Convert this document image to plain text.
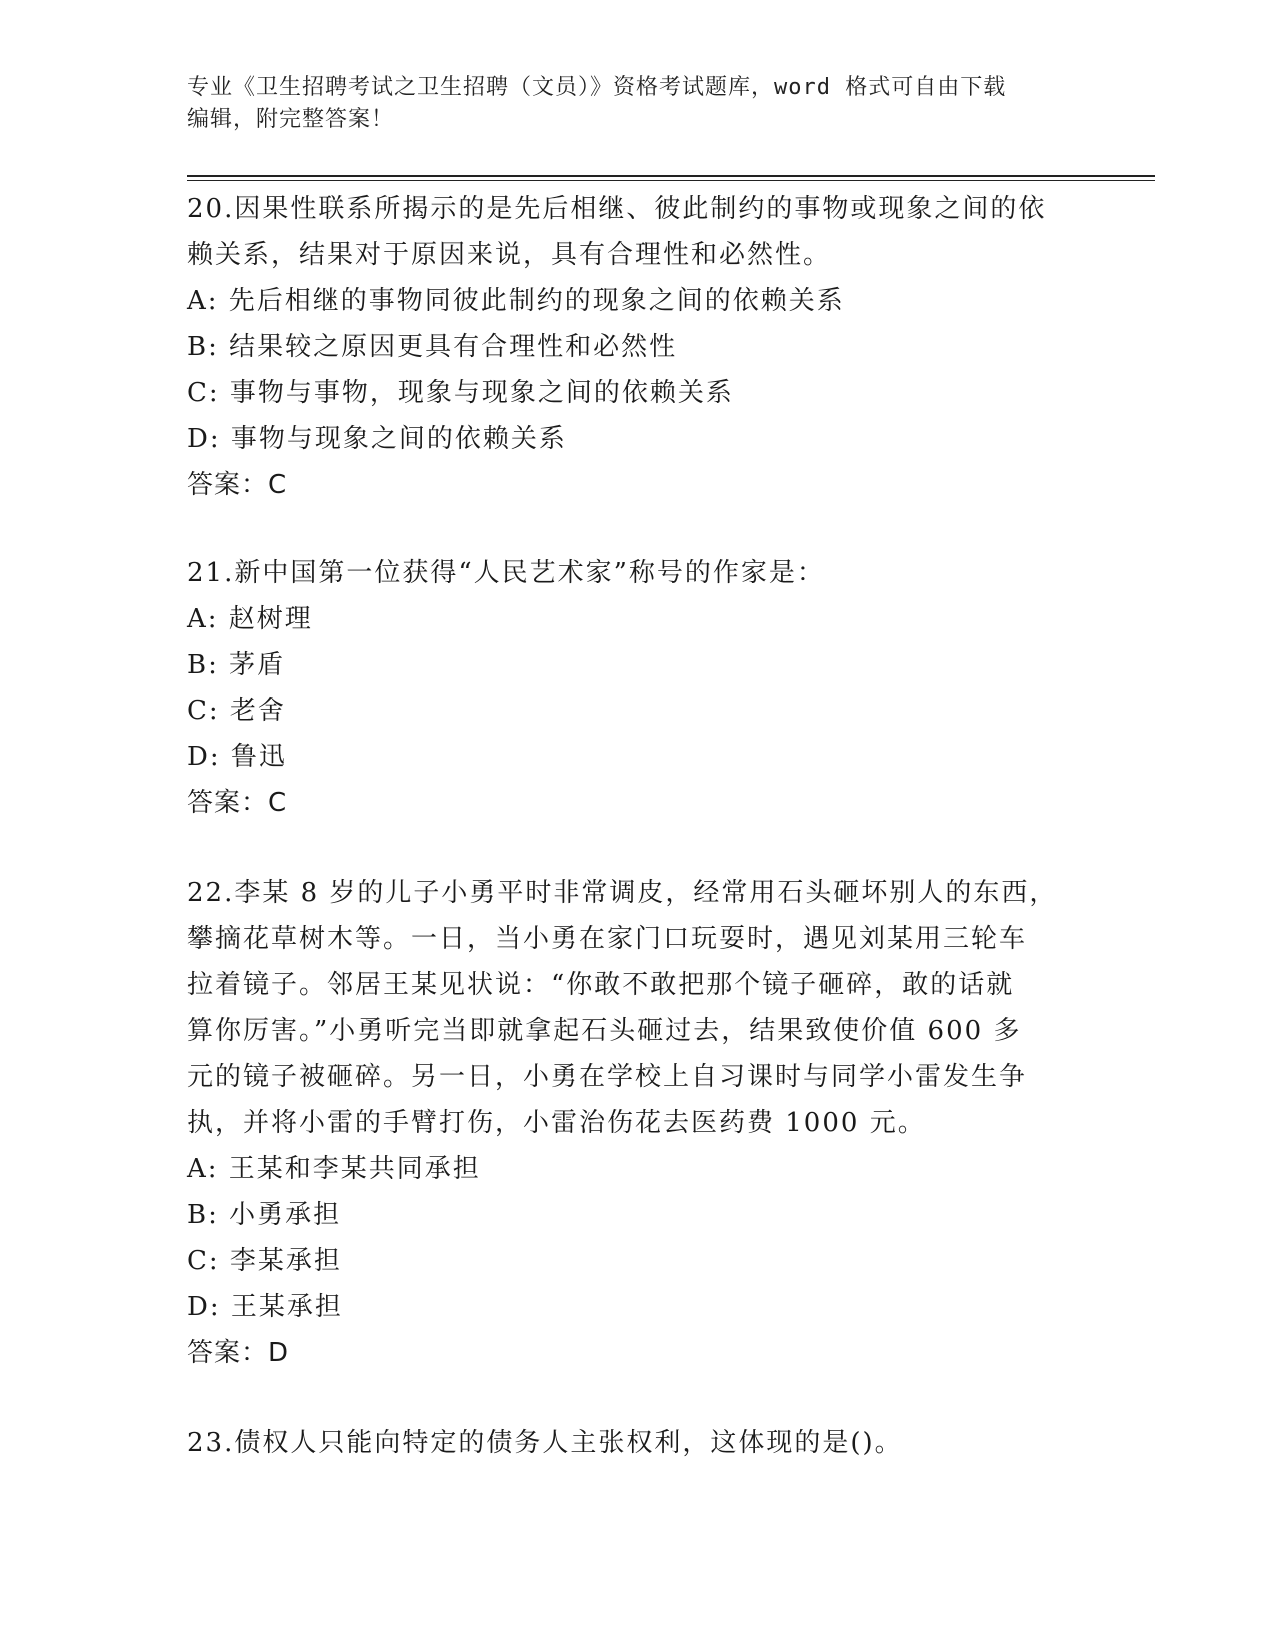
专业《卫生招聘考试之卫生招聘（文员）》资格考试题库，word 格式可自由下载

编辑，附完整答案！

20.因果性联系所揭示的是先后相继、彼此制约的事物或现象之间的依

赖关系，结果对于原因来说，具有合理性和必然性。

A: 先后相继的事物同彼此制约的现象之间的依赖关系

B: 结果较之原因更具有合理性和必然性

C: 事物与事物，现象与现象之间的依赖关系

D: 事物与现象之间的依赖关系

答案：C

21.新中国第一位获得“人民艺术家”称号的作家是：

A: 赵树理

B: 茅盾

C: 老舍

D: 鲁迅

答案：C

22.李某 8 岁的儿子小勇平时非常调皮，经常用石头砸坏别人的东西，

攀摘花草树木等。一日，当小勇在家门口玩耍时，遇见刘某用三轮车

拉着镜子。邻居王某见状说：“你敢不敢把那个镜子砸碎，敢的话就

算你厉害。”小勇听完当即就拿起石头砸过去，结果致使价值 600 多

元的镜子被砸碎。另一日，小勇在学校上自习课时与同学小雷发生争

执，并将小雷的手臂打伤，小雷治伤花去医药费 1000 元。

A: 王某和李某共同承担

B: 小勇承担

C: 李某承担

D: 王某承担

答案：D

23.债权人只能向特定的债务人主张权利，这体现的是()。
